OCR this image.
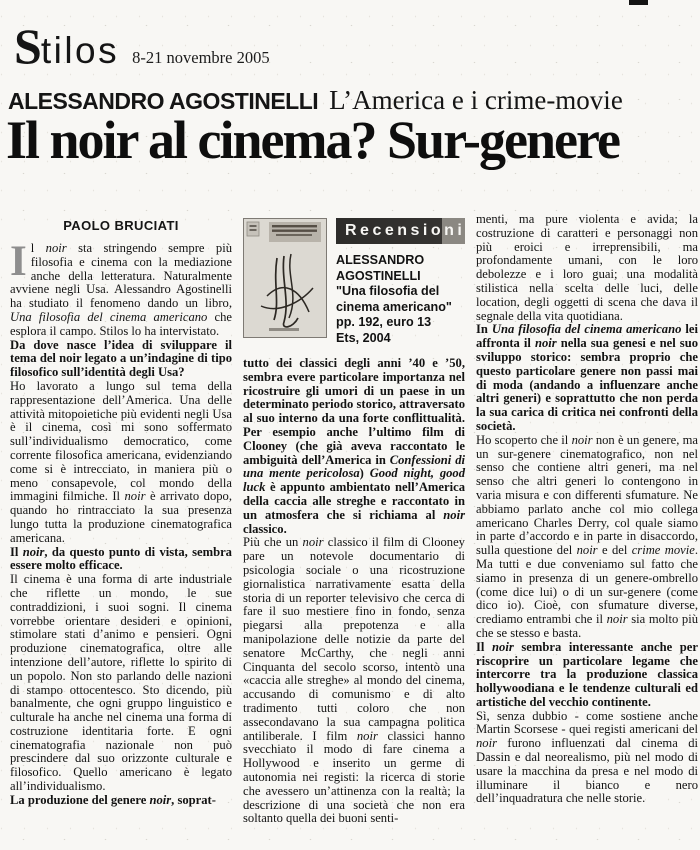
S tilos 8-21 novembre 2005
ALESSANDRO AGOSTINELLI L’America e i crime-movie
Il noir al cinema? Sur-genere
PAOLO BRUCIATI

Il noir sta stringendo sempre più filosofia e cinema con la mediazione anche della letteratura. Naturalmente avviene negli Usa. Alessandro Agostinelli ha studiato il fenomeno dando un libro, Una filosofia del cinema americano che esplora il campo. Stilos lo ha intervistato.

Da dove nasce l’idea di sviluppare il tema del noir legato a un’indagine di tipo filosofico sull’identità degli Usa?

Ho lavorato a lungo sul tema della rappresentazione dell’America. Una delle attività mitopoietiche più evidenti negli Usa è il cinema, così mi sono soffermato sull’individualismo democratico, come corrente filosofica americana, evidenziando come si è intrecciato, in maniera più o meno consapevole, col mondo della immagini filmiche. Il noir è arrivato dopo, quando ho rintracciato la sua presenza lungo tutta la produzione cinematografica americana.

Il noir, da questo punto di vista, sembra essere molto efficace.

Il cinema è una forma di arte industriale che riflette un mondo, le sue contraddizioni, i suoi sogni. Il cinema vorrebbe orientare desideri e opinioni, stimolare stati d’animo e pensieri. Ogni produzione cinematografica, oltre alle intenzione dell’autore, riflette lo spirito di un popolo. Non sto parlando delle nazioni di stampo ottocentesco. Sto dicendo, più banalmente, che ogni gruppo linguistico e culturale ha anche nel cinema una forma di costruzione identitaria forte. E ogni cinematografia nazionale non può prescindere dal suo orizzonte culturale e filosofico. Quello americano è legato all’individualismo.

La produzione del genere noir, soprat-

Recensioni
ALESSANDRO AGOSTINELLI
"Una filosofia del cinema americano"
pp. 192, euro 13
Ets, 2004

tutto dei classici degli anni ’40 e ’50, sembra evere particolare importanza nel ricostruire gli umori di un paese in un determinato periodo storico, attraversato al suo interno da una forte conflittualità. Per esempio anche l’ultimo film di Clooney (che già aveva raccontato le ambiguità dell’America in Confessioni di una mente pericolosa) Good night, good luck è appunto ambientato nell’America della caccia alle streghe e raccontato in un atmosfera che si richiama al noir classico.

Più che un noir classico il film di Clooney pare un notevole documentario di psicologia sociale o una ricostruzione giornalistica narrativamente esatta della storia di un reporter televisivo che cerca di fare il suo mestiere fino in fondo, senza piegarsi alla prepotenza e alla manipolazione delle notizie da parte del senatore McCarthy, che negli anni Cinquanta del secolo scorso, intentò una «caccia alle streghe» al mondo del cinema, accusando di comunismo e di alto tradimento tutti coloro che non assecondavano la sua campagna politica antiliberale. I film noir classici hanno svecchiato il modo di fare cinema a Hollywood e inserito un germe di autonomia nei registi: la ricerca di storie che avessero un’attinenza con la realtà; la descrizione di una società che non era soltanto quella dei buoni senti-

menti, ma pure violenta e avida; la costruzione di caratteri e personaggi non più eroici e irreprensibili, ma profondamente umani, con le loro debolezze e i loro guai; una modalità stilistica nella scelta delle luci, delle location, degli oggetti di scena che dava il segnale della vita quotidiana.

In Una filosofia del cinema americano lei affronta il noir nella sua genesi e nel suo sviluppo storico: sembra proprio che questo particolare genere non passi mai di moda (andando a influenzare anche altri generi) e soprattutto che non perda la sua carica di critica nei confronti della società.

Ho scoperto che il noir non è un genere, ma un sur-genere cinematografico, non nel senso che contiene altri generi, ma nel senso che altri generi lo contengono in varia misura e con differenti sfumature. Ne abbiamo parlato anche col mio collega americano Charles Derry, col quale siamo in parte d’accordo e in parte in disaccordo, sulla questione del noir e del crime movie. Ma tutti e due conveniamo sul fatto che siamo in presenza di un genere-ombrello (come dice lui) o di un sur-genere (come dico io). Cioè, con sfumature diverse, crediamo entrambi che il noir sia molto più che se stesso e basta.

Il noir sembra interessante anche per riscoprire un particolare legame che intercorre tra la produzione classica hollywoodiana e le tendenze culturali ed artistiche del vecchio continente.

Sì, senza dubbio - come sostiene anche Martin Scorsese - quei registi americani del noir furono influenzati dal cinema di Dassin e dal neorealismo, più nel modo di usare la macchina da presa e nel modo di illuminare il bianco e nero dell’inquadratura che nelle storie.
